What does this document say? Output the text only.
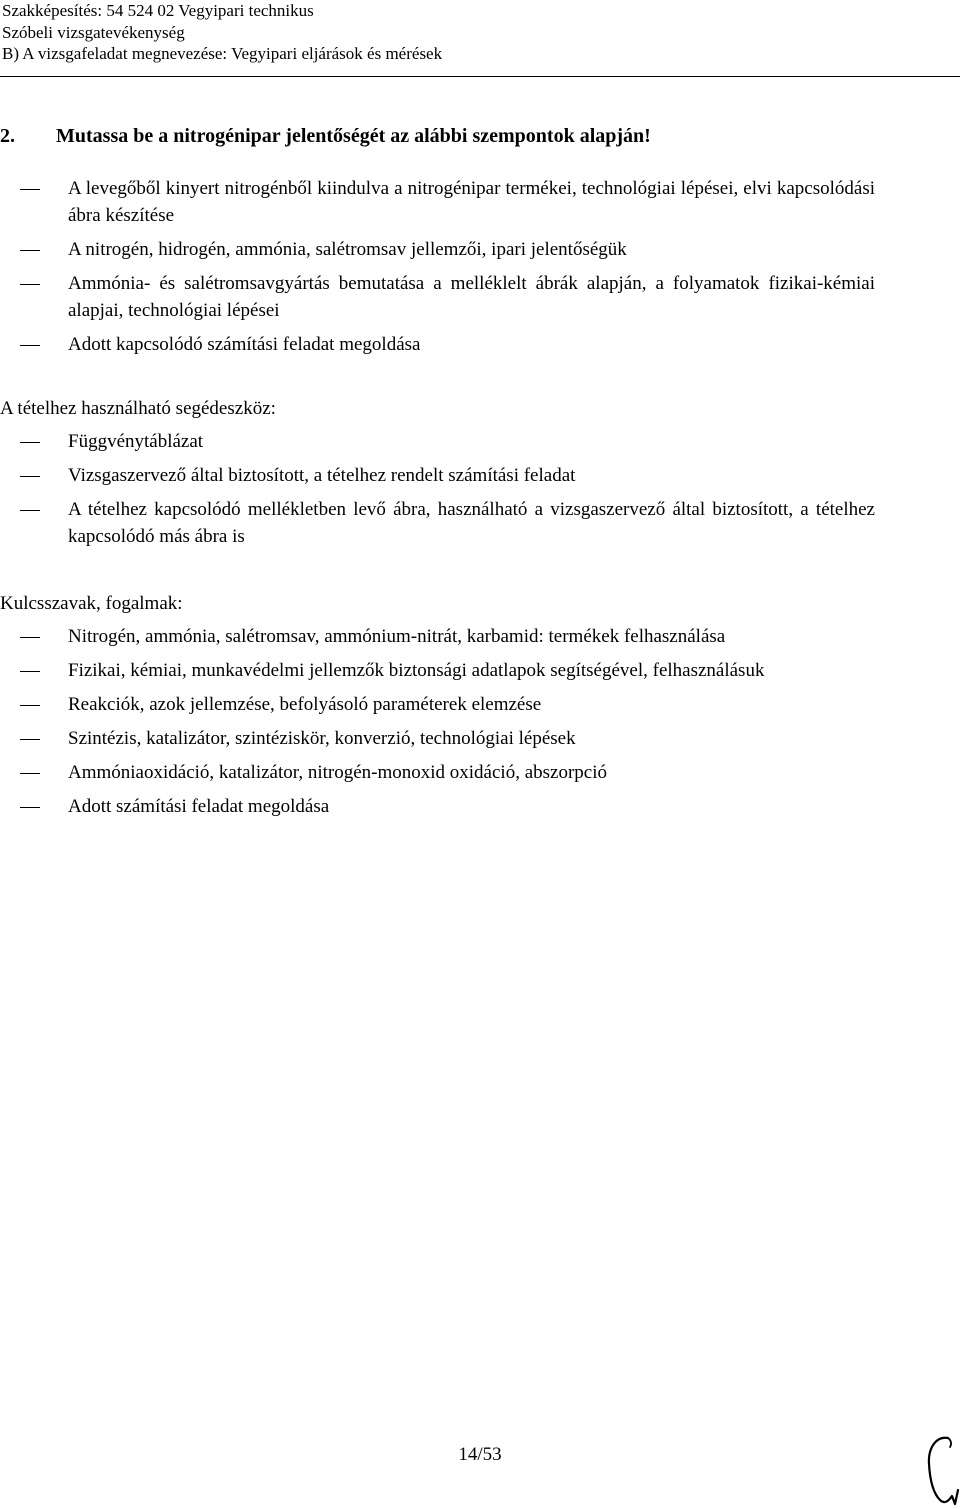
Szakképesítés: 54 524 02 Vegyipari technikus
Szóbeli vizsgatevékenység
B) A vizsgafeladat megnevezése: Vegyipari eljárások és mérések
2. Mutassa be a nitrogénipar jelentőségét az alábbi szempontok alapján!
A levegőből kinyert nitrogénből kiindulva a nitrogénipar termékei, technológiai lépései, elvi kapcsolódási ábra készítése
A nitrogén, hidrogén, ammónia, salétromsav jellemzői, ipari jelentőségük
Ammónia- és salétromsavgyártás bemutatása a melléklelt ábrák alapján, a folyamatok fizikai-kémiai alapjai, technológiai lépései
Adott kapcsolódó számítási feladat megoldása
A tételhez használható segédeszköz:
Függvénytáblázat
Vizsgaszervező által biztosított, a tételhez rendelt számítási feladat
A tételhez kapcsolódó mellékletben levő ábra, használható a vizsgaszervező által biztosított, a tételhez kapcsolódó más ábra is
Kulcsszavak, fogalmak:
Nitrogén, ammónia, salétromsav, ammónium-nitrát, karbamid: termékek felhasználása
Fizikai, kémiai, munkavédelmi jellemzők biztonsági adatlapok segítségével, felhasználásuk
Reakciók, azok jellemzése, befolyásoló paraméterek elemzése
Szintézis, katalizátor, szintéziskör, konverzió, technológiai lépések
Ammóniaoxidáció, katalizátor, nitrogén-monoxid oxidáció, abszorpció
Adott számítási feladat megoldása
14/53
